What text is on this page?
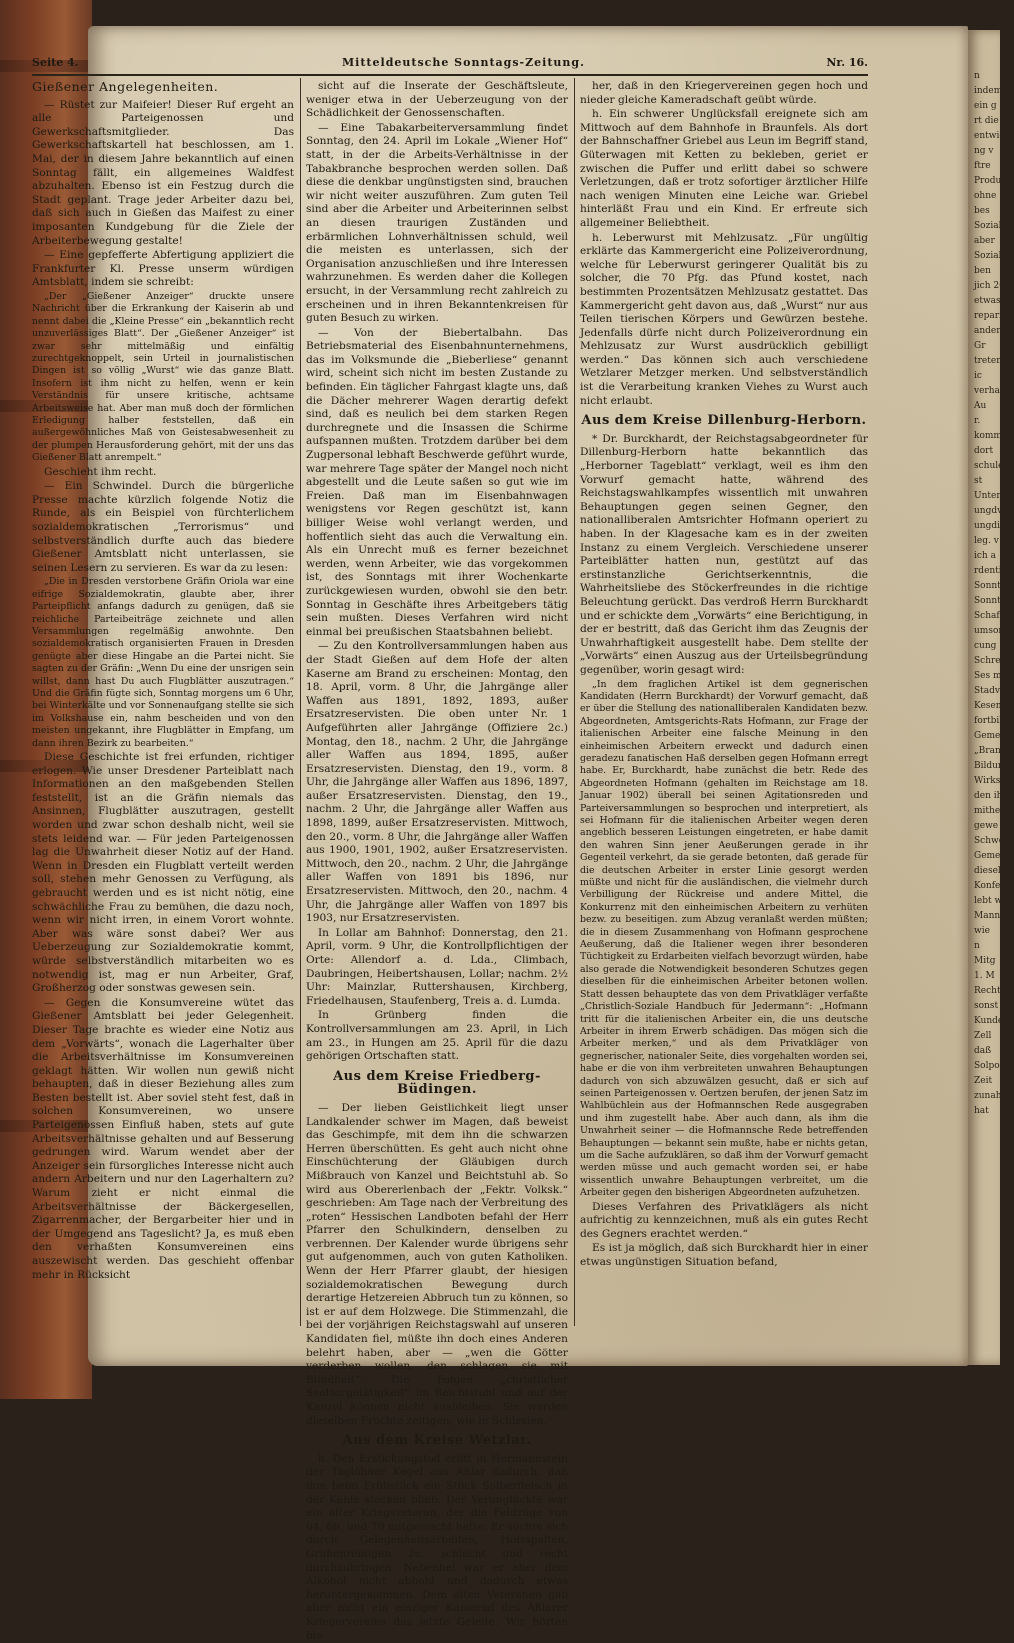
n
indem
ein g
rt die
entwic
ng v
ftre
Produ
ohne
bes
Sozial
aber
Sozial
ben
jich 20
etwas
reparie
ander
Gr
treten.
ic
verhan
Au
r.
kommun
dort
schule t
st
Unter
ungdv
ungdi
leg. v
ich a
rdenti
Sonnta
Sonnta
Schafer
umsont
cung
Schreib
Ses m
Stadver
Kesen
fortbild
Gemein
„Bran
Bildung
Wirksam
den ih
mithel
gewe
Schwe
Gemei
dieselb
Konfe
lebt w
Manne
wie
n
Mitg
1. M
Rechte
sonst
Kunde
Zell
daß
Solpo
Zeit
zunahm
hat
Seite 4.	Mitteldeutsche Sonntags-Zeitung.	Nr. 16.
Gießener Angelegenheiten.

— Rüstet zur Maifeier! Dieser Ruf ergeht an alle Parteigenossen und Gewerkschaftsmitglieder. Das Gewerkschaftskartell hat beschlossen, am 1. Mai, der in diesem Jahre bekanntlich auf einen Sonntag fällt, ein allgemeines Waldfest abzuhalten. Ebenso ist ein Festzug durch die Stadt geplant. Trage jeder Arbeiter dazu bei, daß sich auch in Gießen das Maifest zu einer imposanten Kundgebung für die Ziele der Arbeiterbewegung gestalte!

— Eine gepfefferte Abfertigung appliziert die Frankfurter Kl. Presse unserm würdigen Amtsblatt, indem sie schreibt:

„Der „Gießener Anzeiger“ druckte unsere Nachricht über die Erkrankung der Kaiserin ab und nennt dabei die „Kleine Presse“ ein „bekanntlich recht unzuverlässiges Blatt“. Der „Gießener Anzeiger“ ist zwar sehr mittelmäßig und einfältig zurechtgeknoppelt, sein Urteil in journalistischen Dingen ist so völlig „Wurst“ wie das ganze Blatt. Insofern ist ihm nicht zu helfen, wenn er kein Verständnis für unsere kritische, achtsame Arbeitsweise hat. Aber man muß doch der förmlichen Erledigung halber feststellen, daß ein außergewöhnliches Maß von Geistesabwesenheit zu der plumpen Herausforderung gehört, mit der uns das Gießener Blatt anrempelt.“

Geschieht ihm recht.

— Ein Schwindel. Durch die bürgerliche Presse machte kürzlich folgende Notiz die Runde, als ein Beispiel von fürchterlichem sozialdemokratischen „Terrorismus“ und selbstverständlich durfte auch das biedere Gießener Amtsblatt nicht unterlassen, sie seinen Lesern zu servieren. Es war da zu lesen:

„Die in Dresden verstorbene Gräfin Oriola war eine eifrige Sozialdemokratin, glaubte aber, ihrer Parteipflicht anfangs dadurch zu genügen, daß sie reichliche Parteibeiträge zeichnete und allen Versammlungen regelmäßig anwohnte. Den sozialdemokratisch organisierten Frauen in Dresden genügte aber diese Hingabe an die Partei nicht. Sie sagten zu der Gräfin: „Wenn Du eine der unsrigen sein willst, dann hast Du auch Flugblätter auszutragen.“ Und die Gräfin fügte sich, Sonntag morgens um 6 Uhr, bei Winterkälte und vor Sonnenaufgang stellte sie sich im Volkshause ein, nahm bescheiden und von den meisten ungekannt, ihre Flugblätter in Empfang, um dann ihren Bezirk zu bearbeiten.“

Diese Geschichte ist frei erfunden, richtiger erlogen. Wie unser Dresdener Parteiblatt nach Informationen an den maßgebenden Stellen feststellt, ist an die Gräfin niemals das Ansinnen, Flugblätter auszutragen, gestellt worden und zwar schon deshalb nicht, weil sie stets leidend war. — Für jeden Parteigenossen lag die Unwahrheit dieser Notiz auf der Hand. Wenn in Dresden ein Flugblatt verteilt werden soll, stehen mehr Genossen zu Verfügung, als gebraucht werden und es ist nicht nötig, eine schwächliche Frau zu bemühen, die dazu noch, wenn wir nicht irren, in einem Vorort wohnte. Aber was wäre sonst dabei? Wer aus Ueberzeugung zur Sozialdemokratie kommt, würde selbstverständlich mitarbeiten wo es notwendig ist, mag er nun Arbeiter, Graf, Großherzog oder sonstwas gewesen sein.

— Gegen die Konsumvereine wütet das Gießener Amtsblatt bei jeder Gelegenheit. Dieser Tage brachte es wieder eine Notiz aus dem „Vorwärts“, wonach die Lagerhalter über die Arbeitsverhältnisse im Konsumvereinen geklagt hätten. Wir wollen nun gewiß nicht behaupten, daß in dieser Beziehung alles zum Besten bestellt ist. Aber soviel steht fest, daß in solchen Konsumvereinen, wo unsere Parteigenossen Einfluß haben, stets auf gute Arbeitsverhältnisse gehalten und auf Besserung gedrungen wird. Warum wendet aber der Anzeiger sein fürsorgliches Interesse nicht auch andern Arbeitern und nur den Lagerhaltern zu? Warum zieht er nicht einmal die Arbeitsverhältnisse der Bäckergesellen, Zigarrenmacher, der Bergarbeiter hier und in der Umgegend ans Tageslicht? Ja, es muß eben den verhaßten Konsumvereinen eins auszewischt werden. Das geschieht offenbar mehr in Rücksicht

sicht auf die Inserate der Geschäftsleute, weniger etwa in der Ueberzeugung von der Schädlichkeit der Genossenschaften.

— Eine Tabakarbeiterversammlung findet Sonntag, den 24. April im Lokale „Wiener Hof“ statt, in der die Arbeits-Verhältnisse in der Tabakbranche besprochen werden sollen. Daß diese die denkbar ungünstigsten sind, brauchen wir nicht weiter auszuführen. Zum guten Teil sind aber die Arbeiter und Arbeiterinnen selbst an diesen traurigen Zuständen und erbärmlichen Lohnverhältnissen schuld, weil die meisten es unterlassen, sich der Organisation anzuschließen und ihre Interessen wahrzunehmen. Es werden daher die Kollegen ersucht, in der Versammlung recht zahlreich zu erscheinen und in ihren Bekanntenkreisen für guten Besuch zu wirken.

— Von der Biebertalbahn. Das Betriebsmaterial des Eisenbahnunternehmens, das im Volksmunde die „Bieberliese“ genannt wird, scheint sich nicht im besten Zustande zu befinden. Ein täglicher Fahrgast klagte uns, daß die Dächer mehrerer Wagen derartig defekt sind, daß es neulich bei dem starken Regen durchregnete und die Insassen die Schirme aufspannen mußten. Trotzdem darüber bei dem Zugpersonal lebhaft Beschwerde geführt wurde, war mehrere Tage später der Mangel noch nicht abgestellt und die Leute saßen so gut wie im Freien. Daß man im Eisenbahnwagen wenigstens vor Regen geschützt ist, kann billiger Weise wohl verlangt werden, und hoffentlich sieht das auch die Verwaltung ein. Als ein Unrecht muß es ferner bezeichnet werden, wenn Arbeiter, wie das vorgekommen ist, des Sonntags mit ihrer Wochenkarte zurückgewiesen wurden, obwohl sie den betr. Sonntag in Geschäfte ihres Arbeitgebers tätig sein mußten. Dieses Verfahren wird nicht einmal bei preußischen Staatsbahnen beliebt.

— Zu den Kontrollversammlungen haben aus der Stadt Gießen auf dem Hofe der alten Kaserne am Brand zu erscheinen: Montag, den 18. April, vorm. 8 Uhr, die Jahrgänge aller Waffen aus 1891, 1892, 1893, außer Ersatzreservisten. Die oben unter Nr. 1 Aufgeführten aller Jahrgänge (Offiziere 2c.) Montag, den 18., nachm. 2 Uhr, die Jahrgänge aller Waffen aus 1894, 1895, außer Ersatzreservisten. Dienstag, den 19., vorm. 8 Uhr, die Jahrgänge aller Waffen aus 1896, 1897, außer Ersatzreservisten. Dienstag, den 19., nachm. 2 Uhr, die Jahrgänge aller Waffen aus 1898, 1899, außer Ersatzreservisten. Mittwoch, den 20., vorm. 8 Uhr, die Jahrgänge aller Waffen aus 1900, 1901, 1902, außer Ersatzreservisten. Mittwoch, den 20., nachm. 2 Uhr, die Jahrgänge aller Waffen von 1891 bis 1896, nur Ersatzreservisten. Mittwoch, den 20., nachm. 4 Uhr, die Jahrgänge aller Waffen von 1897 bis 1903, nur Ersatzreservisten.

In Lollar am Bahnhof: Donnerstag, den 21. April, vorm. 9 Uhr, die Kontrollpflichtigen der Orte: Allendorf a. d. Lda., Climbach, Daubringen, Heibertshausen, Lollar; nachm. 2½ Uhr: Mainzlar, Ruttershausen, Kirchberg, Friedelhausen, Staufenberg, Treis a. d. Lumda.

In Grünberg finden die Kontrollversammlungen am 23. April, in Lich am 23., in Hungen am 25. April für die dazu gehörigen Ortschaften statt.

Aus dem Kreise Friedberg-Büdingen.

— Der lieben Geistlichkeit liegt unser Landkalender schwer im Magen, daß beweist das Geschimpfe, mit dem ihn die schwarzen Herren überschütten. Es geht auch nicht ohne Einschüchterung der Gläubigen durch Mißbrauch von Kanzel und Beichtstuhl ab. So wird aus Obererlenbach der „Fektr. Volksk.“ geschrieben: Am Tage nach der Verbreitung des „roten“ Hessischen Landboten befahl der Herr Pfarrer den Schulkindern, denselben zu verbrennen. Der Kalender wurde übrigens sehr gut aufgenommen, auch von guten Katholiken. Wenn der Herr Pfarrer glaubt, der hiesigen sozialdemokratischen Bewegung durch derartige Hetzereien Abbruch tun zu können, so ist er auf dem Holzwege. Die Stimmenzahl, die bei der vorjährigen Reichstagswahl auf unseren Kandidaten fiel, müßte ihn doch eines Anderen belehrt haben, aber — „wen die Götter verderben wollen, den schlagen sie mit Blindheit“. Die Folgen „christlicher Seelsorgetätigkeit“ im Beichtstuhl und auf der Kanzel können nicht ausbleiben. Sie werden dieselben Früchte zeitigen, wie in Schlesien.

Aus dem Kreise Wetzlar.

h. Den Erstickungstod erlitt in Hermannstein der Taglöhner Kegel aus Aßlar dadurch, daß ihm beim Frühstück ein Stück Solberfleisch in der Kehle stecken blieb. Der Verunglückte war ein alter Kriegsveteran, der die Feldzüge von 64, 66, und 70 mitgemacht hatte. Er suchte sich durch Gelegenheitsarbeiten, Holzspalten, Grubenreinigen 2c. schlecht und recht durchzubringen. Nebenbei war er aber dem Alkohol nicht abhold und dadurch etwas heruntergekommen. Dem alten Veteranen gab aber nicht ein einziger Kamerad des Aßlarer Kriegervereins das letzte Geleite. Wir hörten bis-

her, daß in den Kriegervereinen gegen hoch und nieder gleiche Kameradschaft geübt würde.

h. Ein schwerer Unglücksfall ereignete sich am Mittwoch auf dem Bahnhofe in Braunfels. Als dort der Bahnschaffner Griebel aus Leun im Begriff stand, Güterwagen mit Ketten zu bekleben, geriet er zwischen die Puffer und erlitt dabei so schwere Verletzungen, daß er trotz sofortiger ärztlicher Hilfe nach wenigen Minuten eine Leiche war. Griebel hinterläßt Frau und ein Kind. Er erfreute sich allgemeiner Beliebtheit.

h. Leberwurst mit Mehlzusatz. „Für ungültig erklärte das Kammergericht eine Polizeiverordnung, welche für Leberwurst geringerer Qualität bis zu solcher, die 70 Pfg. das Pfund kostet, nach bestimmten Prozentsätzen Mehlzusatz gestattet. Das Kammergericht geht davon aus, daß „Wurst“ nur aus Teilen tierischen Körpers und Gewürzen bestehe. Jedenfalls dürfe nicht durch Polizeiverordnung ein Mehlzusatz zur Wurst ausdrücklich gebilligt werden.“ Das können sich auch verschiedene Wetzlarer Metzger merken. Und selbstverständlich ist die Verarbeitung kranken Viehes zu Wurst auch nicht erlaubt.

Aus dem Kreise Dillenburg-Herborn.

* Dr. Burckhardt, der Reichstagsabgeordneter für Dillenburg-Herborn hatte bekanntlich das „Herborner Tageblatt“ verklagt, weil es ihm den Vorwurf gemacht hatte, während des Reichstagswahlkampfes wissentlich mit unwahren Behauptungen gegen seinen Gegner, den nationalliberalen Amtsrichter Hofmann operiert zu haben. In der Klagesache kam es in der zweiten Instanz zu einem Vergleich. Verschiedene unserer Parteiblätter hatten nun, gestützt auf das erstinstanzliche Gerichtserkenntnis, die Wahrheitsliebe des Stöckerfreundes in die richtige Beleuchtung gerückt. Das verdroß Herrn Burckhardt und er schickte dem „Vorwärts“ eine Berichtigung, in der er bestritt, daß das Gericht ihm das Zeugnis der Unwahrhaftigkeit ausgestellt habe. Dem stellte der „Vorwärts“ einen Auszug aus der Urteilsbegründung gegenüber, worin gesagt wird:

„In dem fraglichen Artikel ist dem gegnerischen Kandidaten (Herrn Burckhardt) der Vorwurf gemacht, daß er über die Stellung des nationalliberalen Kandidaten bezw. Abgeordneten, Amtsgerichts-Rats Hofmann, zur Frage der italienischen Arbeiter eine falsche Meinung in den einheimischen Arbeitern erweckt und dadurch einen geradezu fanatischen Haß derselben gegen Hofmann erregt habe. Er, Burckhardt, habe zunächst die betr. Rede des Abgeordneten Hofmann (gehalten im Reichstage am 18. Januar 1902) überall bei seinen Agitationsreden und Parteiversammlungen so besprochen und interpretiert, als sei Hofmann für die italienischen Arbeiter wegen deren angeblich besseren Leistungen eingetreten, er habe damit den wahren Sinn jener Aeußerungen gerade in ihr Gegenteil verkehrt, da sie gerade betonten, daß gerade für die deutschen Arbeiter in erster Linie gesorgt werden müßte und nicht für die ausländischen, die vielmehr durch Verbilligung der Rückreise und andere Mittel, die Konkurrenz mit den einheimischen Arbeitern zu verhüten bezw. zu beseitigen. zum Abzug veranlaßt werden müßten; die in diesem Zusammenhang von Hofmann gesprochene Aeußerung, daß die Italiener wegen ihrer besonderen Tüchtigkeit zu Erdarbeiten vielfach bevorzugt würden, habe also gerade die Notwendigkeit besonderen Schutzes gegen dieselben für die einheimischen Arbeiter betonen wollen. Statt dessen behauptete das von dem Privatkläger verfaßte „Christlich-Soziale Handbuch für Jedermann“: „Hofmann tritt für die italienischen Arbeiter ein, die uns deutsche Arbeiter in ihrem Erwerb schädigen. Das mögen sich die Arbeiter merken,“ und als dem Privatkläger von gegnerischer, nationaler Seite, dies vorgehalten worden sei, habe er die von ihm verbreiteten unwahren Behauptungen dadurch von sich abzuwälzen gesucht, daß er sich auf seinen Parteigenossen v. Oertzen berufen, der jenen Satz im Wahlbüchlein aus der Hofmannschen Rede ausgegraben und ihm zugestellt habe. Aber auch dann, als ihm die Unwahrheit seiner — die Hofmannsche Rede betreffenden Behauptungen — bekannt sein mußte, habe er nichts getan, um die Sache aufzuklären, so daß ihm der Vorwurf gemacht werden müsse und auch gemacht worden sei, er habe wissentlich unwahre Behauptungen verbreitet, um die Arbeiter gegen den bisherigen Abgeordneten aufzuhetzen.

Dieses Verfahren des Privatklägers als nicht aufrichtig zu kennzeichnen, muß als ein gutes Recht des Gegners erachtet werden.“

Es ist ja möglich, daß sich Burckhardt hier in einer etwas ungünstigen Situation befand,
